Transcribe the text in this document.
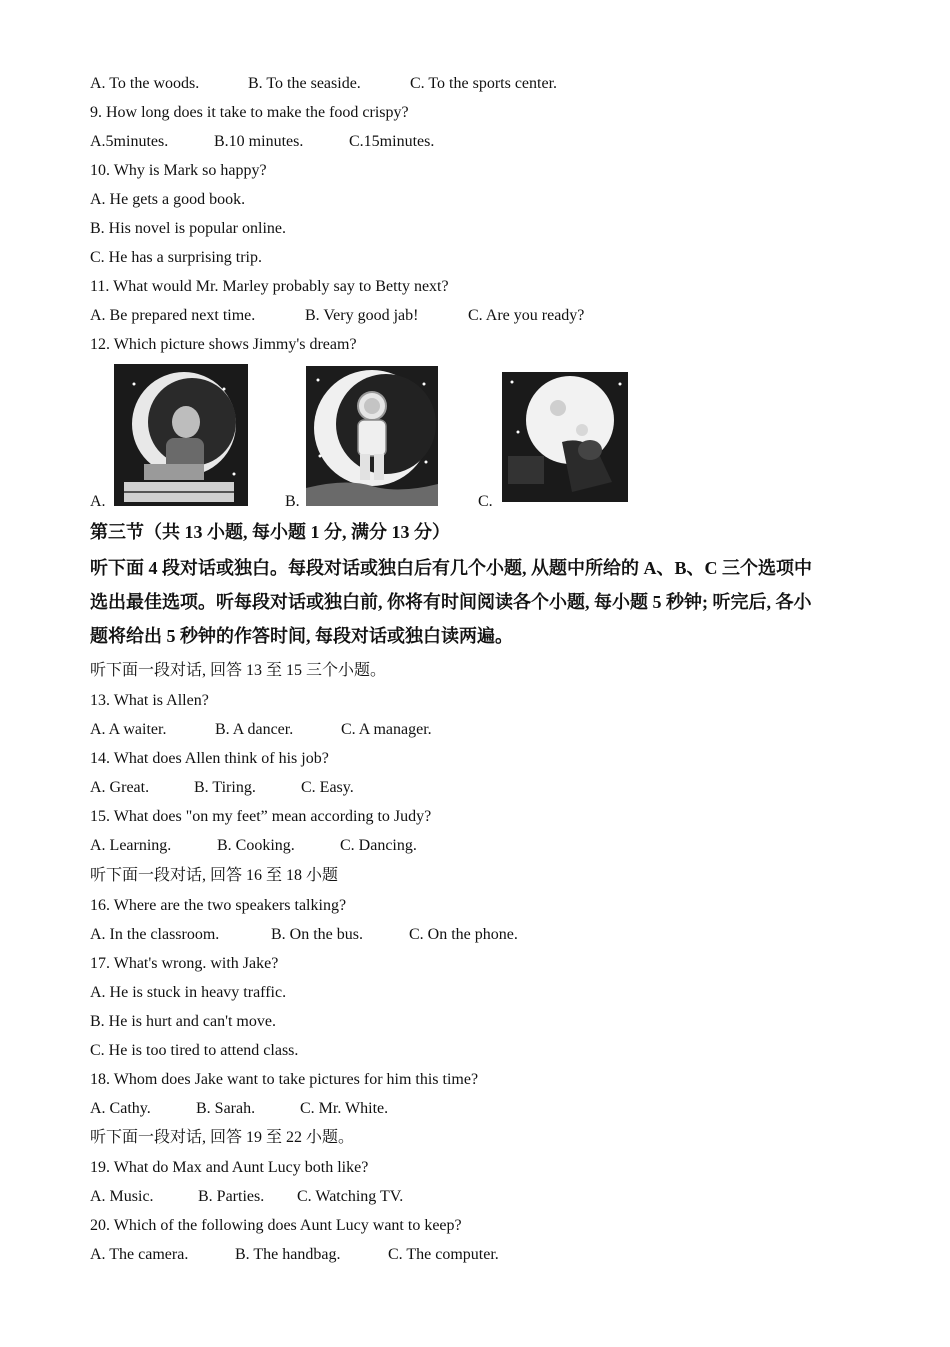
A. To the woods.	B. To the seaside.	C. To the sports center.
9. How long does it take to make the food crispy?
A.5minutes.	B.10 minutes.	C.15minutes.
10. Why is Mark so happy?
A. He gets a good book.
B. His novel is popular online.
C. He has a surprising trip.
11. What would Mr. Marley probably say to Betty next?
A. Be prepared next time.	B. Very good jab!	C. Are you ready?
12. Which picture shows Jimmy's dream?
A.	B.	C.
第三节（共 13 小题, 每小题 1 分, 满分 13 分）
听下面 4 段对话或独白。每段对话或独白后有几个小题, 从题中所给的 A、B、C 三个选项中
选出最佳选项。听每段对话或独白前, 你将有时间阅读各个小题, 每小题 5 秒钟; 听完后, 各小
题将给出 5 秒钟的作答时间, 每段对话或独白读两遍。
听下面一段对话, 回答 13 至 15 三个小题。
13. What is Allen?
A. A waiter.	B. A dancer.	C. A manager.
14. What does Allen think of his job?
A. Great.	B. Tiring.	C. Easy.
15. What does "on my feet” mean according to Judy?
A. Learning.	B. Cooking.	C. Dancing.
听下面一段对话, 回答 16 至 18 小题
16. Where are the two speakers talking?
A. In the classroom.	B. On the bus.	C. On the phone.
17. What's wrong. with Jake?
A. He is stuck in heavy traffic.
B. He is hurt and can't move.
C. He is too tired to attend class.
18. Whom does Jake want to take pictures for him this time?
A. Cathy.	B. Sarah.	C. Mr. White.
听下面一段对话, 回答 19 至 22 小题。
19. What do Max and Aunt Lucy both like?
A. Music.	B. Parties. C. Watching TV.
20. Which of the following does Aunt Lucy want to keep?
A. The camera.	B. The handbag.	C. The computer.
